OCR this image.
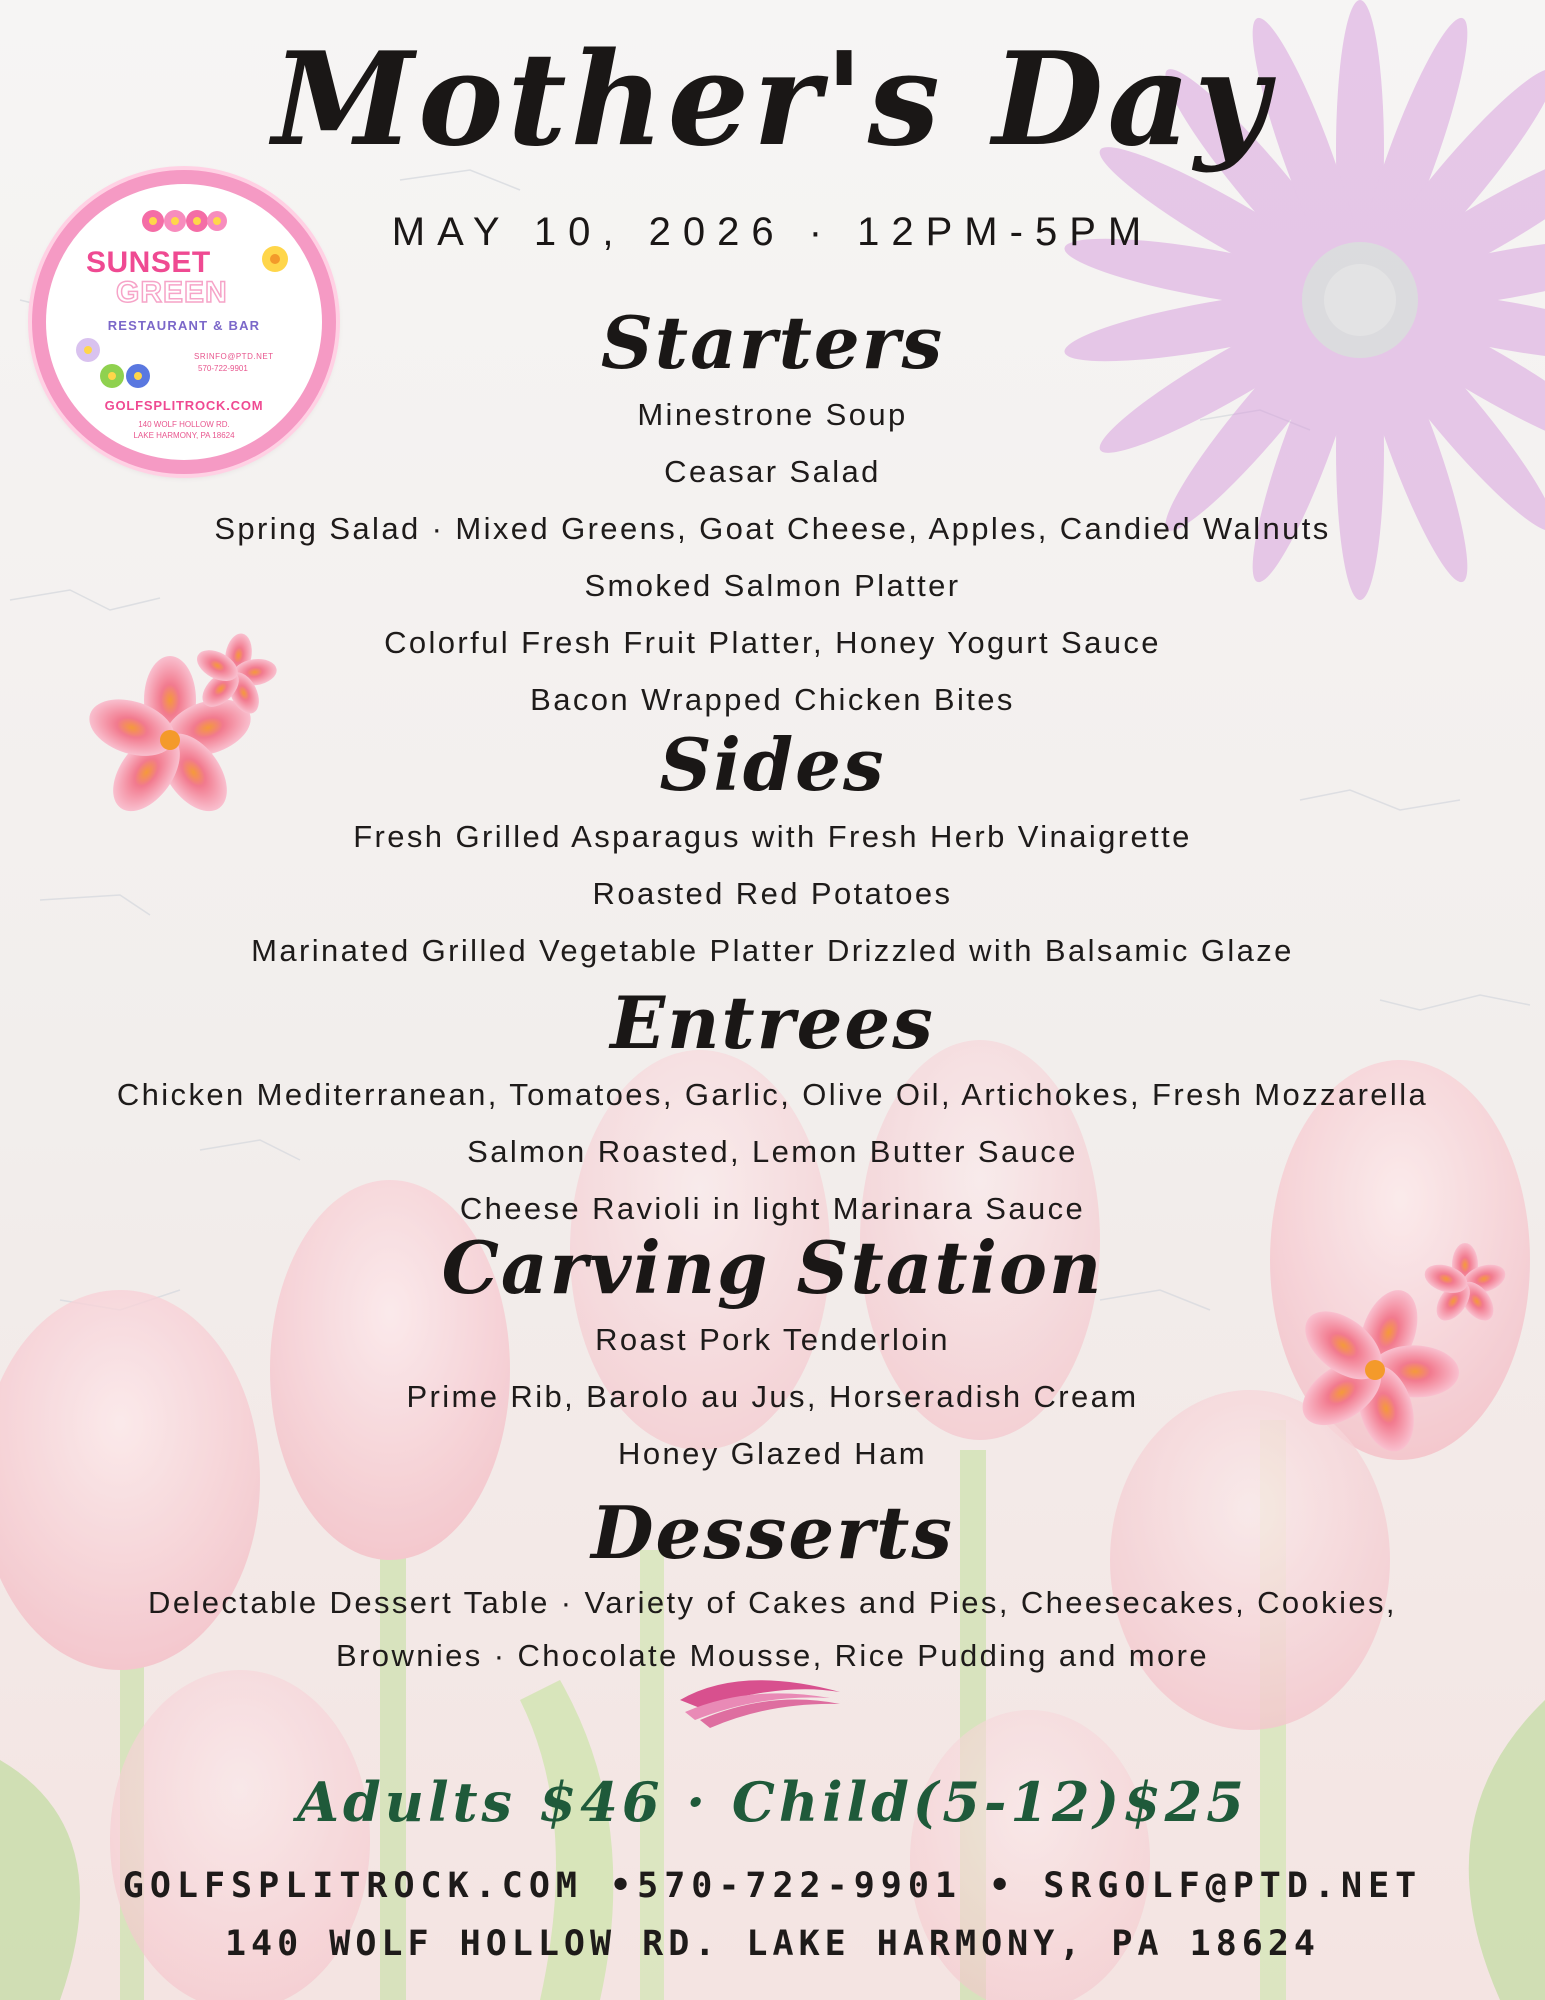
SUNSET
GREEN
RESTAURANT & BAR
SRINFO@PTD.NET
570-722-9901
GOLFSPLITROCK.COM
140 WOLF HOLLOW RD.
LAKE HARMONY, PA 18624
Mother's Day
MAY 10, 2026 · 12PM-5PM
Starters
Minestrone Soup
Ceasar Salad
Spring Salad · Mixed Greens, Goat Cheese, Apples, Candied Walnuts
Smoked Salmon Platter
Colorful Fresh Fruit Platter, Honey Yogurt Sauce
Bacon Wrapped Chicken Bites
Sides
Fresh Grilled Asparagus with Fresh Herb Vinaigrette
Roasted Red Potatoes
Marinated Grilled Vegetable Platter Drizzled with Balsamic Glaze
Entrees
Chicken Mediterranean, Tomatoes, Garlic, Olive Oil, Artichokes, Fresh Mozzarella
Salmon Roasted, Lemon Butter Sauce
Cheese Ravioli in light Marinara Sauce
Carving Station
Roast Pork Tenderloin
Prime Rib, Barolo au Jus, Horseradish Cream
Honey Glazed Ham
Desserts
Delectable Dessert Table · Variety of Cakes and Pies, Cheesecakes, Cookies,
Brownies · Chocolate Mousse, Rice Pudding and more
Adults $46 · Child(5-12)$25
GOLFSPLITROCK.COM •570-722-9901 • SRGOLF@PTD.NET
140 WOLF HOLLOW RD. LAKE HARMONY, PA 18624
